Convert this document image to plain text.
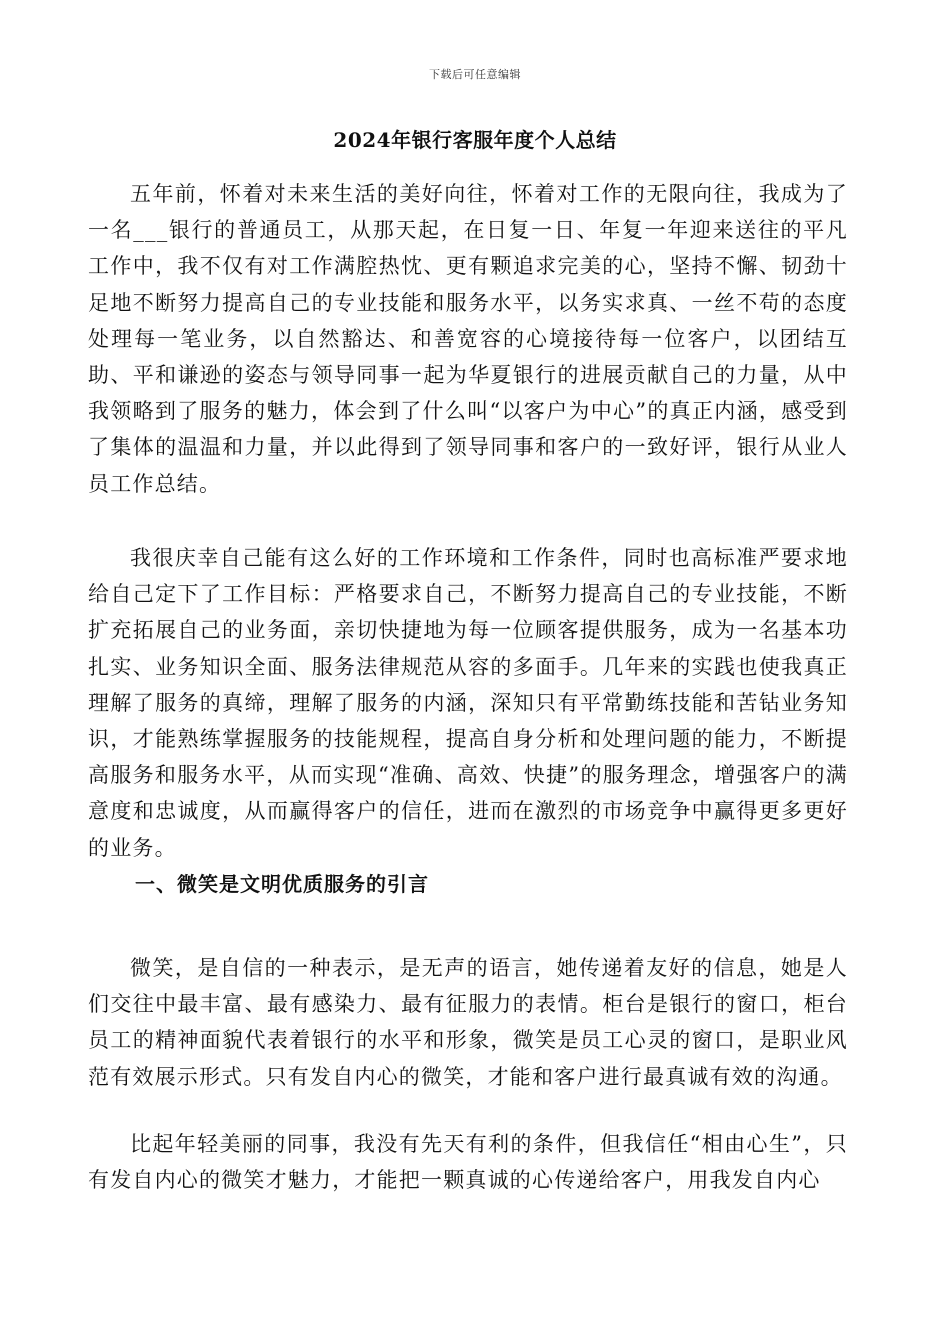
下载后可任意编辑
2024年银行客服年度个人总结

五年前，怀着对未来生活的美好向往，怀着对工作的无限向往，我成为了一名___银行的普通员工，从那天起，在日复一日、年复一年迎来送往的平凡工作中，我不仅有对工作满腔热忱、更有颗追求完美的心，坚持不懈、韧劲十足地不断努力提高自己的专业技能和服务水平，以务实求真、一丝不苟的态度处理每一笔业务，以自然豁达、和善宽容的心境接待每一位客户，以团结互助、平和谦逊的姿态与领导同事一起为华夏银行的进展贡献自己的力量，从中我领略到了服务的魅力，体会到了什么叫“以客户为中心”的真正内涵，感受到了集体的温温和力量，并以此得到了领导同事和客户的一致好评，银行从业人员工作总结。

我很庆幸自己能有这么好的工作环境和工作条件，同时也高标准严要求地给自己定下了工作目标：严格要求自己，不断努力提高自己的专业技能，不断扩充拓展自己的业务面，亲切快捷地为每一位顾客提供服务，成为一名基本功扎实、业务知识全面、服务法律规范从容的多面手。几年来的实践也使我真正理解了服务的真缔，理解了服务的内涵，深知只有平常勤练技能和苦钻业务知识，才能熟练掌握服务的技能规程，提高自身分析和处理问题的能力，不断提高服务和服务水平，从而实现“准确、高效、快捷”的服务理念，增强客户的满意度和忠诚度，从而赢得客户的信任，进而在激烈的市场竞争中赢得更多更好的业务。

一、微笑是文明优质服务的引言

微笑，是自信的一种表示，是无声的语言，她传递着友好的信息，她是人们交往中最丰富、最有感染力、最有征服力的表情。柜台是银行的窗口，柜台员工的精神面貌代表着银行的水平和形象，微笑是员工心灵的窗口，是职业风范有效展示形式。只有发自内心的微笑，才能和客户进行最真诚有效的沟通。

比起年轻美丽的同事，我没有先天有利的条件，但我信任“相由心生”，只有发自内心的微笑才魅力，才能把一颗真诚的心传递给客户，用我发自内心
